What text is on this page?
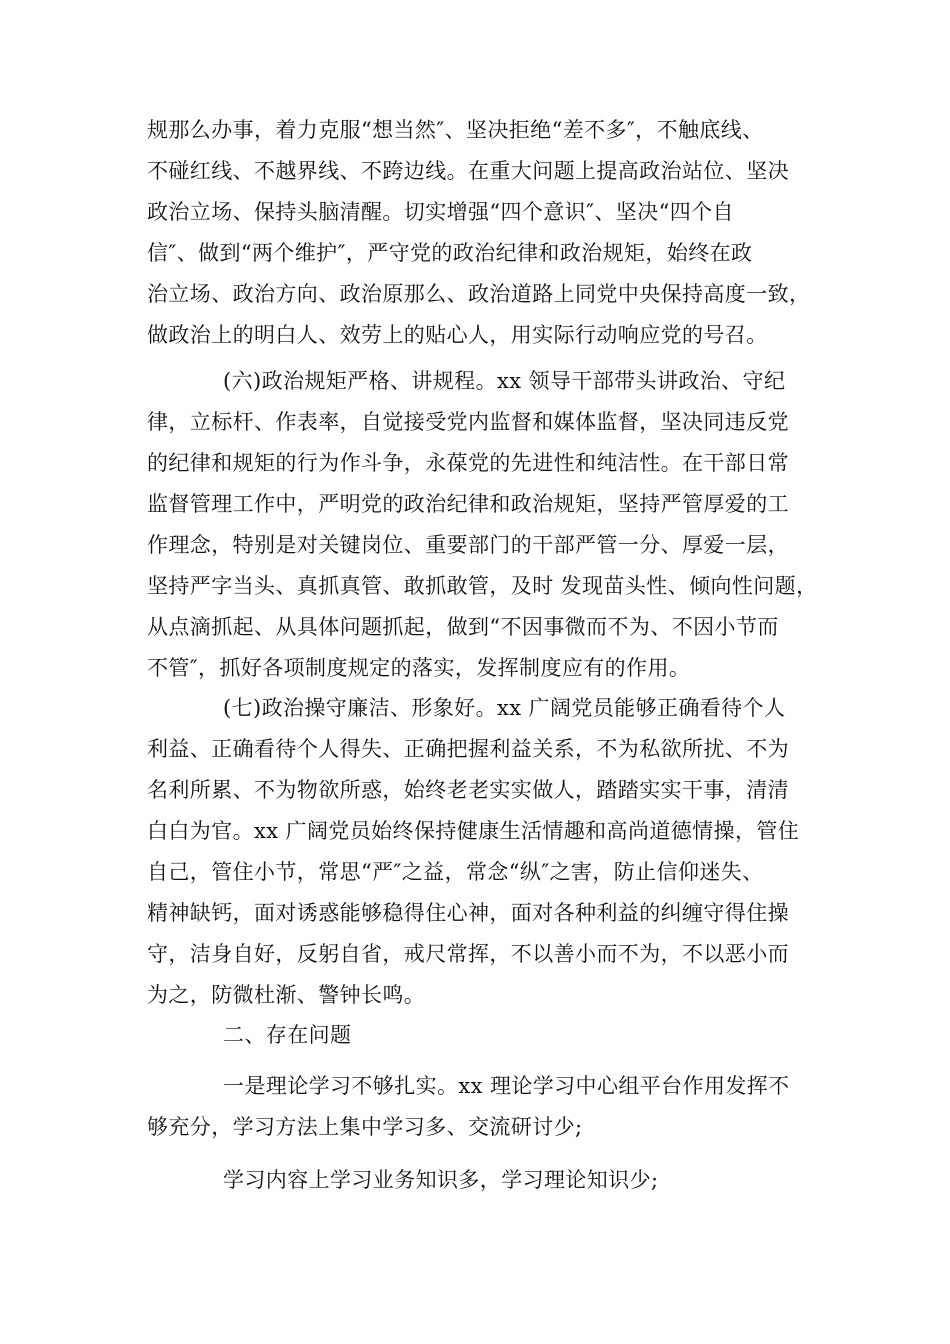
规那么办事，着力克服“想当然″、坚决拒绝“差不多″，不触底线、
不碰红线、不越界线、不跨边线。在重大问题上提高政治站位、坚决
政治立场、保持头脑清醒。切实增强“四个意识″、坚决“四个自
信″、做到“两个维护″，严守党的政治纪律和政治规矩，始终在政
治立场、政治方向、政治原那么、政治道路上同党中央保持高度一致，
做政治上的明白人、效劳上的贴心人，用实际行动响应党的号召。

(六)政治规矩严格、讲规程。xx 领导干部带头讲政治、守纪
律，立标杆、作表率，自觉接受党内监督和媒体监督，坚决同违反党
的纪律和规矩的行为作斗争，永葆党的先进性和纯洁性。在干部日常
监督管理工作中，严明党的政治纪律和政治规矩，坚持严管厚爱的工
作理念，特别是对关键岗位、重要部门的干部严管一分、厚爱一层，
坚持严字当头、真抓真管、敢抓敢管，及时 发现苗头性、倾向性问题，
从点滴抓起、从具体问题抓起，做到“不因事微而不为、不因小节而
不管″，抓好各项制度规定的落实，发挥制度应有的作用。

(七)政治操守廉洁、形象好。xx 广阔党员能够正确看待个人
利益、正确看待个人得失、正确把握利益关系，不为私欲所扰、不为
名利所累、不为物欲所惑，始终老老实实做人，踏踏实实干事，清清
白白为官。xx 广阔党员始终保持健康生活情趣和高尚道德情操，管住
自己，管住小节，常思“严″之益，常念“纵″之害，防止信仰迷失、
精神缺钙，面对诱惑能够稳得住心神，面对各种利益的纠缠守得住操
守，洁身自好，反躬自省，戒尺常挥，不以善小而不为，不以恶小而
为之，防微杜渐、警钟长鸣。

二、存在问题

一是理论学习不够扎实。xx 理论学习中心组平台作用发挥不
够充分，学习方法上集中学习多、交流研讨少;

学习内容上学习业务知识多，学习理论知识少;
